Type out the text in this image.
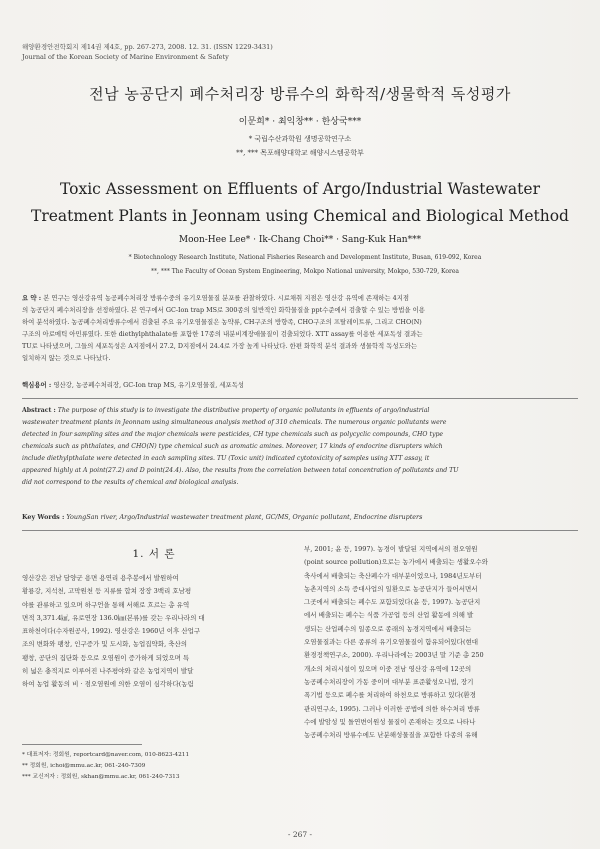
해양환경안전학회지 제14권 제4호, pp. 267-273, 2008. 12. 31. (ISSN 1229-3431)
Journal of the Korean Society of Marine Environment & Safety
전남 농공단지 폐수처리장 방류수의 화학적/생물학적 독성평가
이문희* · 최익창** · 한상국***
* 국립수산과학원 생명공학연구소
**, *** 목포해양대학교 해양시스템공학부
Toxic Assessment on Effluents of Argo/Industrial Wastewater
Treatment Plants in Jeonnam using Chemical and Biological Method
Moon-Hee Lee* · Ik-Chang Choi** · Sang-Kuk Han***
* Biotechnology Research Institute, National Fisheries Research and Development Institute, Busan, 619-092, Korea
**, *** The Faculty of Ocean System Engineering, Mokpo National university, Mokpo, 530-729, Korea
요 약 : 본 연구는 영산강유역 농공폐수처리장 방류수중의 유기오염물질 분포를 관찰하였다. 시료채취 지점은 영산강 유역에 존재하는 4지점
의 농공단지 폐수처리장을 선정하였다. 본 연구에서 GC-Ion trap MS로 300종의 일반적인 화학물질을 ppt수준에서 검출할 수 있는 방법을 이용
하여 분석하였다. 농공폐수처리방류수에서 검출된 주요 유기오염물질은 농약류, CH구조의 방향족, CHO구조의 프탈레이트류, 그리고 CHO(N)
구조의 아로메틱 아민류였다. 또한 diethylphthalate를 포함한 17종의 내분비계장애물질이 검출되었다. XTT assay를 이용한 세포독성 결과는
TU로 나타냈으며, 그들의 세포독성은 A지점에서 27.2, D지점에서 24.4로 가장 높게 나타났다. 한편 화학적 분석 결과와 생물학적 독성도와는
일치하지 않는 것으로 나타났다.
핵심용어 : 영산강, 농공폐수처리장, GC-Ion trap MS, 유기오염물질, 세포독성
Abstract : The purpose of this study is to investigate the distributive property of organic pollutants in effluents of argo/industrial
wastewater treatment plants in Jeonnam using simultaneous analysis method of 310 chemicals. The numerous organic pollutants were
detected in four sampling sites and the major chemicals were pesticides, CH type chemicals such as polycyclic compounds, CHO type
chemicals such as phthalates, and CHO(N) type chemical such as aromatic amines. Moreover, 17 kinds of endocrine disrupters which
include diethylpthalate were detected in each sampling sites. TU (Toxic unit) indicated cytotoxicity of samples using XTT assay, it
appeared highly at A point(27.2) and D point(24.4). Also, the results from the correlation between total concentration of pollutants and TU
did not correspond to the results of chemical and biological analysis.
Key Words : YoungSan river, Argo/Industrial wastewater treatment plant, GC/MS, Organic pollutant, Endocrine disrupters
1. 서 론
영산강은 전남 담양군 용면 용연리 용추봉에서 발원하여
황룡강, 지석천, 고막원천 등 지류를 합쳐 장장 3백리 호남평
야를 관류하고 있으며 하구언을 통해 서해로 흐르는 총 유역
면적 3,371.4㎢, 유로연장 136.0㎞(본류)를 갖는 우리나라의 대
표하천이다(수자원공사, 1992). 영산강은 1960년 이후 산업구
조의 변화와 팽창, 인구증가 및 도시화, 농업집약화, 축산의
팽창, 공단의 집단화 등으로 오염원이 증가하게 되었으며 특
히 넓은 충적지로 이루어진 나주평야와 같은 농업지역이 발달
하여 농업 활동의 비 · 점오염원에 의한 오염이 심각하다(농림
* 대표저자: 정회원, reportcard@naver.com, 010-8623-4211
** 정회원, ichoi@mmu.ac.kr, 061-240-7309
*** 교신저자 : 정회원, skhan@mmu.ac.kr, 061-240-7313
부, 2001; 윤 등, 1997). 농경이 발달된 지역에서의 점오염원
(point source pollution)으로는 농가에서 배출되는 생활오수와
축사에서 배출되는 축산폐수가 대부분이었으나, 1984년도부터
농촌지역의 소득 증대사업의 일환으로 농공단지가 들어서면서
그곳에서 배출되는 폐수도 포함되었다(윤 등, 1997). 농공단지
에서 배출되는 폐수는 식품 가공업 등의 산업 활동에 의해 발
생되는 산업폐수의 일종으로 종래의 농경지역에서 배출되는
오염물질과는 다른 종류의 유기오염물질이 함유되어있다(현대
환경정책연구소, 2000). 우리나라에는 2003년 말 기준 총 250
개소의 처리시설이 있으며 이중 전남 영산강 유역에 12곳의
농공폐수처리장이 가동 중이며 대부분 표준활성오니법, 장기
폭기법 등으로 폐수를 처리하여 하천으로 방류하고 있다(환경
관리연구소, 1995). 그러나 이러한 공법에 의한 하수처리 방류
수에 발암성 및 돌연변이원성 물질이 존재하는 것으로 나타나
농공폐수처리 방류수에도 난분해성물질을 포함한 다종의 유해
- 267 -
